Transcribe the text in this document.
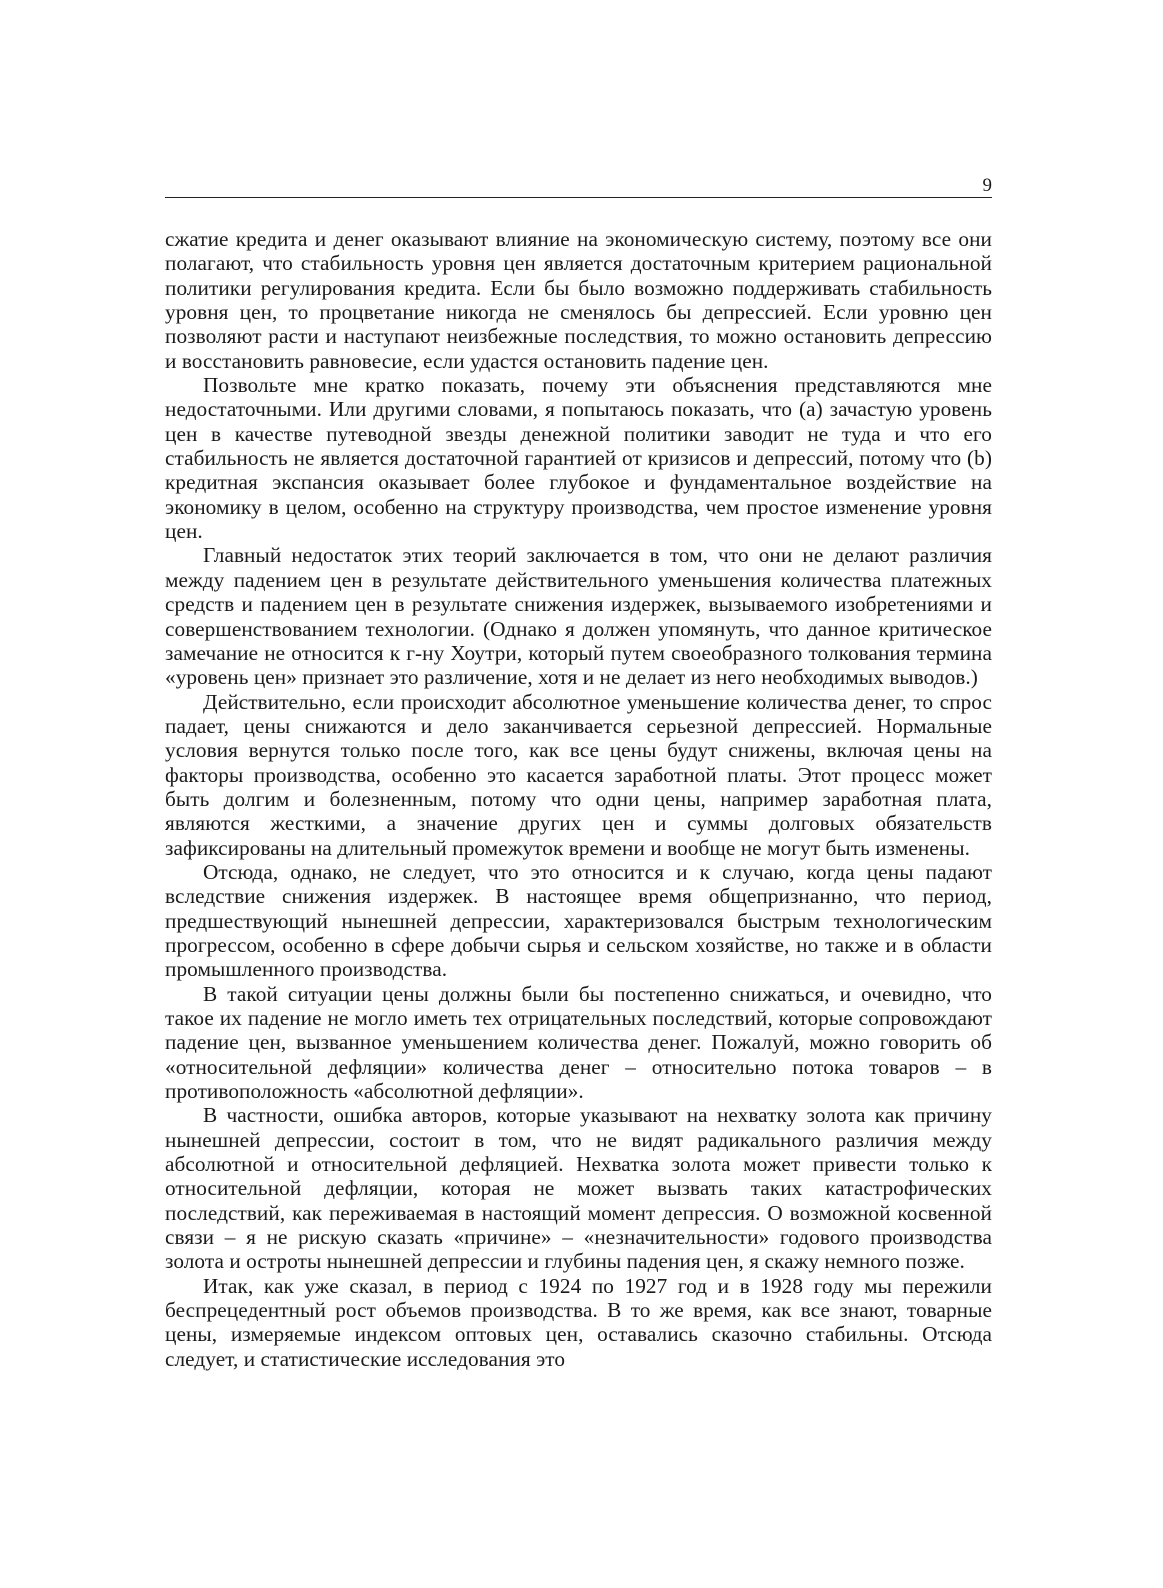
9

сжатие кредита и денег оказывают влияние на экономическую систему, поэтому все они полагают, что стабильность уровня цен является достаточным критерием рациональной политики регулирования кредита. Если бы было возможно поддерживать стабильность уровня цен, то процветание никогда не сменялось бы депрессией. Если уровню цен позволяют расти и наступают неизбежные последствия, то можно остановить депрессию и восстановить равновесие, если удастся остановить падение цен.

Позвольте мне кратко показать, почему эти объяснения представляются мне недостаточными. Или другими словами, я попытаюсь показать, что (а) зачастую уровень цен в качестве путеводной звезды денежной политики заводит не туда и что его стабильность не является достаточной гарантией от кризисов и депрессий, потому что (b) кредитная экспансия оказывает более глубокое и фундаментальное воздействие на экономику в целом, особенно на структуру производства, чем простое изменение уровня цен.

Главный недостаток этих теорий заключается в том, что они не делают различия между падением цен в результате действительного уменьшения количества платежных средств и падением цен в результате снижения издержек, вызываемого изобретениями и совершенствованием технологии. (Однако я должен упомянуть, что данное критическое замечание не относится к г-ну Хоутри, который путем своеобразного толкования термина «уровень цен» признает это различение, хотя и не делает из него необходимых выводов.)

Действительно, если происходит абсолютное уменьшение количества денег, то спрос падает, цены снижаются и дело заканчивается серьезной депрессией. Нормальные условия вернутся только после того, как все цены будут снижены, включая цены на факторы производства, особенно это касается заработной платы. Этот процесс может быть долгим и болезненным, потому что одни цены, например заработная плата, являются жесткими, а значение других цен и суммы долговых обязательств зафиксированы на длительный промежуток времени и вообще не могут быть изменены.

Отсюда, однако, не следует, что это относится и к случаю, когда цены падают вследствие снижения издержек. В настоящее время общепризнанно, что период, предшествующий нынешней депрессии, характеризовался быстрым технологическим прогрессом, особенно в сфере добычи сырья и сельском хозяйстве, но также и в области промышленного производства.

В такой ситуации цены должны были бы постепенно снижаться, и очевидно, что такое их падение не могло иметь тех отрицательных последствий, которые сопровождают падение цен, вызванное уменьшением количества денег. Пожалуй, можно говорить об «относительной дефляции» количества денег – относительно потока товаров – в противоположность «абсолютной дефляции».

В частности, ошибка авторов, которые указывают на нехватку золота как причину нынешней депрессии, состоит в том, что не видят радикального различия между абсолютной и относительной дефляцией. Нехватка золота может привести только к относительной дефляции, которая не может вызвать таких катастрофических последствий, как переживаемая в настоящий момент депрессия. О возможной косвенной связи – я не рискую сказать «причине» – «незначительности» годового производства золота и остроты нынешней депрессии и глубины падения цен, я скажу немного позже.

Итак, как уже сказал, в период с 1924 по 1927 год и в 1928 году мы пережили беспрецедентный рост объемов производства. В то же время, как все знают, товарные цены, измеряемые индексом оптовых цен, оставались сказочно стабильны. Отсюда следует, и статистические исследования это
